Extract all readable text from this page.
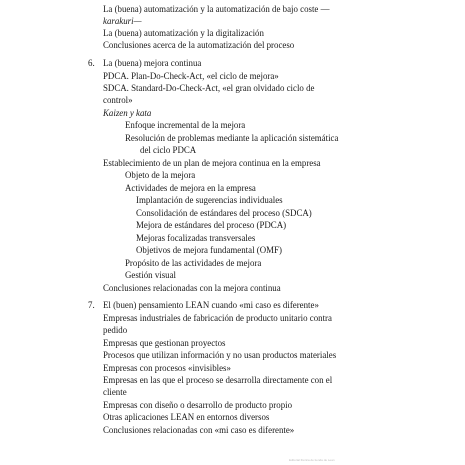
La (buena) automatización y la automatización de bajo coste —
karakuri—
La (buena) automatización y la digitalización
Conclusiones acerca de la automatización del proceso
6. La (buena) mejora continua
PDCA. Plan-Do-Check-Act, «el ciclo de mejora»
SDCA. Standard-Do-Check-Act, «el gran olvidado ciclo de
control»
Kaizen y kata
Enfoque incremental de la mejora
Resolución de problemas mediante la aplicación sistemática
del ciclo PDCA
Establecimiento de un plan de mejora continua en la empresa
Objeto de la mejora
Actividades de mejora en la empresa
Implantación de sugerencias individuales
Consolidación de estándares del proceso (SDCA)
Mejora de estándares del proceso (PDCA)
Mejoras focalizadas transversales
Objetivos de mejora fundamental (OMF)
Propósito de las actividades de mejora
Gestión visual
Conclusiones relacionadas con la mejora continua
7. El (buen) pensamiento LEAN cuando «mi caso es diferente»
Empresas industriales de fabricación de producto unitario contra
pedido
Empresas que gestionan proyectos
Procesos que utilizan información y no usan productos materiales
Empresas con procesos «invisibles»
Empresas en las que el proceso se desarrolla directamente con el
cliente
Empresas con diseño o desarrollo de producto propio
Otras aplicaciones LEAN en entornos diversos
Conclusiones relacionadas con «mi caso es diferente»
Editorial Ibérica de tienda de Lean
